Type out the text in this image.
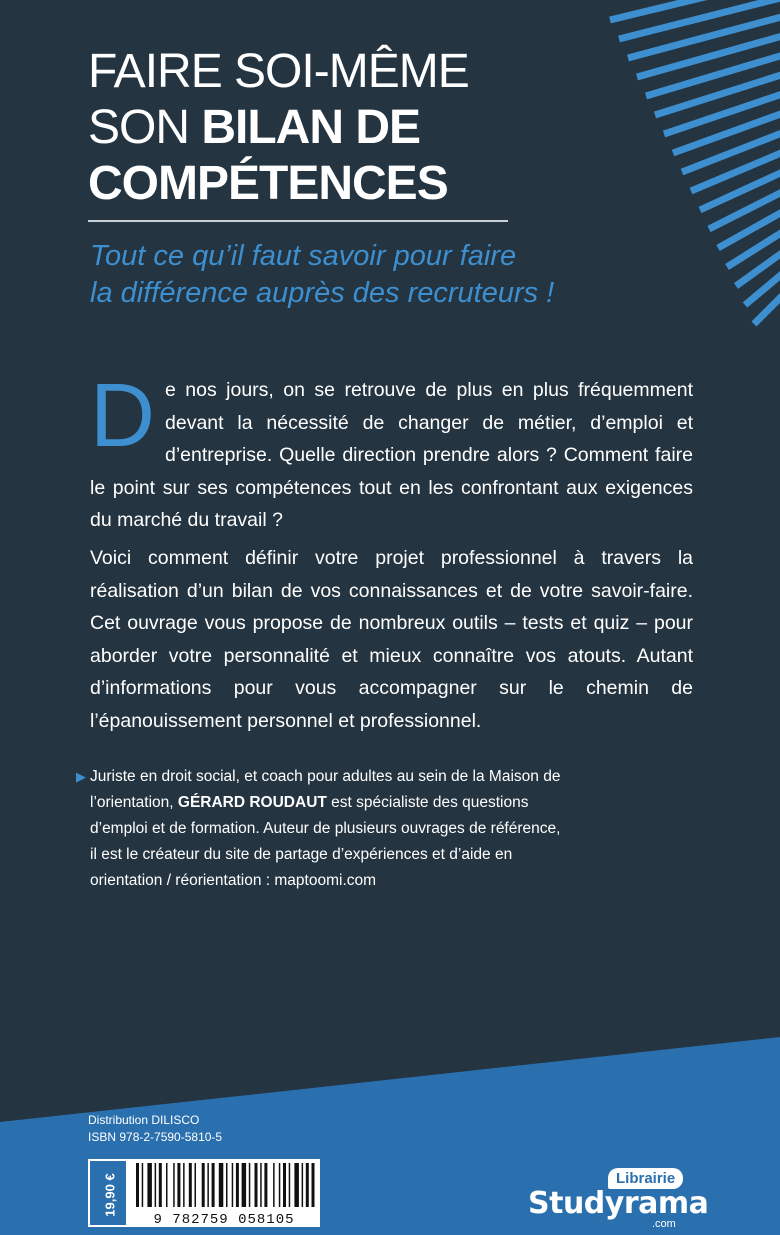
FAIRE SOI-MÊME
SON BILAN DE
COMPÉTENCES
Tout ce qu’il faut savoir pour faire
la différence auprès des recruteurs !

De nos jours, on se retrouve de plus en plus fréquemment devant la nécessité de changer de métier, d’emploi et d’entreprise. Quelle direction prendre alors ? Comment faire le point sur ses compétences tout en les confrontant aux exigences du marché du travail ?

Voici comment définir votre projet professionnel à travers la réalisation d’un bilan de vos connaissances et de votre savoir-faire. Cet ouvrage vous propose de nombreux outils – tests et quiz – pour aborder votre personnalité et mieux connaître vos atouts. Autant d’informations pour vous accompagner sur le chemin de l’épanouissement personnel et professionnel.

▶ Juriste en droit social, et coach pour adultes au sein de la Maison de l’orientation, GÉRARD ROUDAUT est spécialiste des questions d’emploi et de formation. Auteur de plusieurs ouvrages de référence, il est le créateur du site de partage d’expériences et d’aide en orientation / réorientation : maptoomi.com
Distribution DILISCO
ISBN 978-2-7590-5810-5
19,90 €
9 782759 058105
Librairie
Studyrama
.com
